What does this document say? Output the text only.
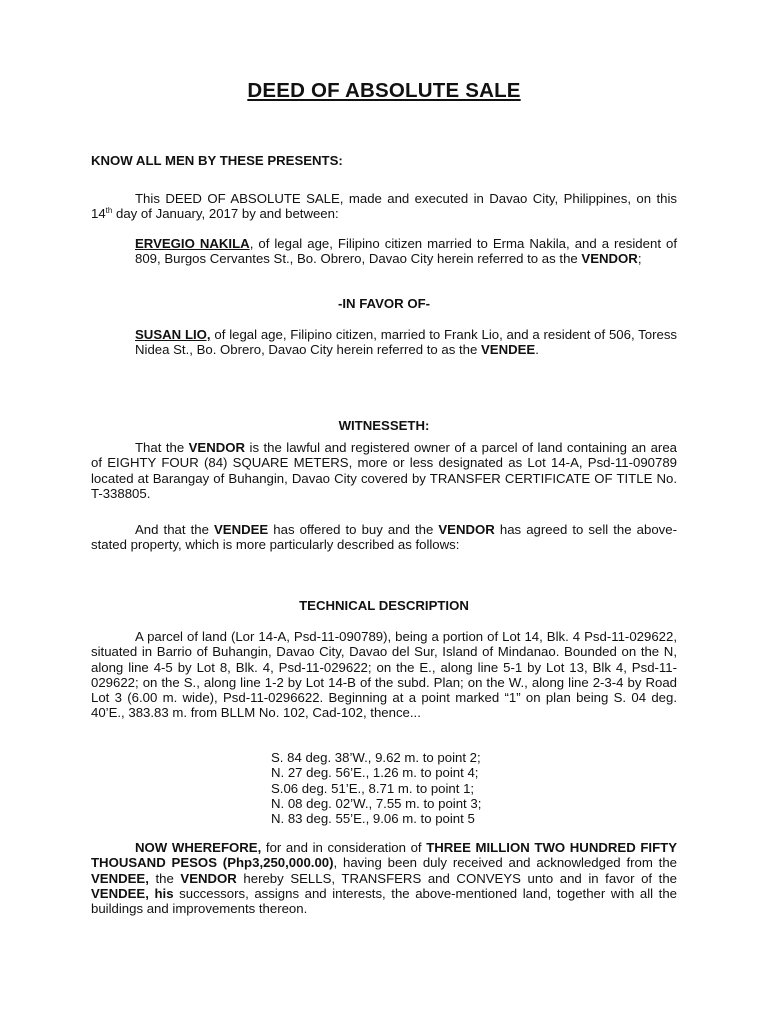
DEED OF ABSOLUTE SALE
KNOW ALL MEN BY THESE PRESENTS:
This DEED OF ABSOLUTE SALE, made and executed in Davao City, Philippines, on this 14th day of January, 2017 by and between:
ERVEGIO NAKILA, of legal age, Filipino citizen married to Erma Nakila, and a resident of 809, Burgos Cervantes St., Bo. Obrero, Davao City herein referred to as the VENDOR;
-IN FAVOR OF-
SUSAN LIO, of legal age, Filipino citizen, married to Frank Lio, and a resident of 506, Toress Nidea St., Bo. Obrero, Davao City herein referred to as the VENDEE.
WITNESSETH:
That the VENDOR is the lawful and registered owner of a parcel of land containing an area of EIGHTY FOUR (84) SQUARE METERS, more or less designated as Lot 14-A, Psd-11-090789 located at Barangay of Buhangin, Davao City covered by TRANSFER CERTIFICATE OF TITLE No. T-338805.
And that the VENDEE has offered to buy and the VENDOR has agreed to sell the above-stated property, which is more particularly described as follows:
TECHNICAL DESCRIPTION
A parcel of land (Lor 14-A, Psd-11-090789), being a portion of Lot 14, Blk. 4 Psd-11-029622, situated in Barrio of Buhangin, Davao City, Davao del Sur, Island of Mindanao. Bounded on the N, along line 4-5 by Lot 8, Blk. 4, Psd-11-029622; on the E., along line 5-1 by Lot 13, Blk 4, Psd-11-029622; on the S., along line 1-2 by Lot 14-B of the subd. Plan; on the W., along line 2-3-4 by Road Lot 3 (6.00 m. wide), Psd-11-0296622. Beginning at a point marked “1” on plan being S. 04 deg. 40’E., 383.83 m. from BLLM No. 102, Cad-102, thence...
S. 84 deg. 38’W., 9.62 m. to point 2;
N. 27 deg. 56’E., 1.26 m. to point 4;
S.06 deg. 51’E., 8.71 m. to point 1;
N. 08 deg. 02’W., 7.55 m. to point 3;
N. 83 deg. 55’E., 9.06 m. to point 5
NOW WHEREFORE, for and in consideration of THREE MILLION TWO HUNDRED FIFTY THOUSAND PESOS (Php3,250,000.00), having been duly received and acknowledged from the VENDEE, the VENDOR hereby SELLS, TRANSFERS and CONVEYS unto and in favor of the VENDEE, his successors, assigns and interests, the above-mentioned land, together with all the buildings and improvements thereon.
